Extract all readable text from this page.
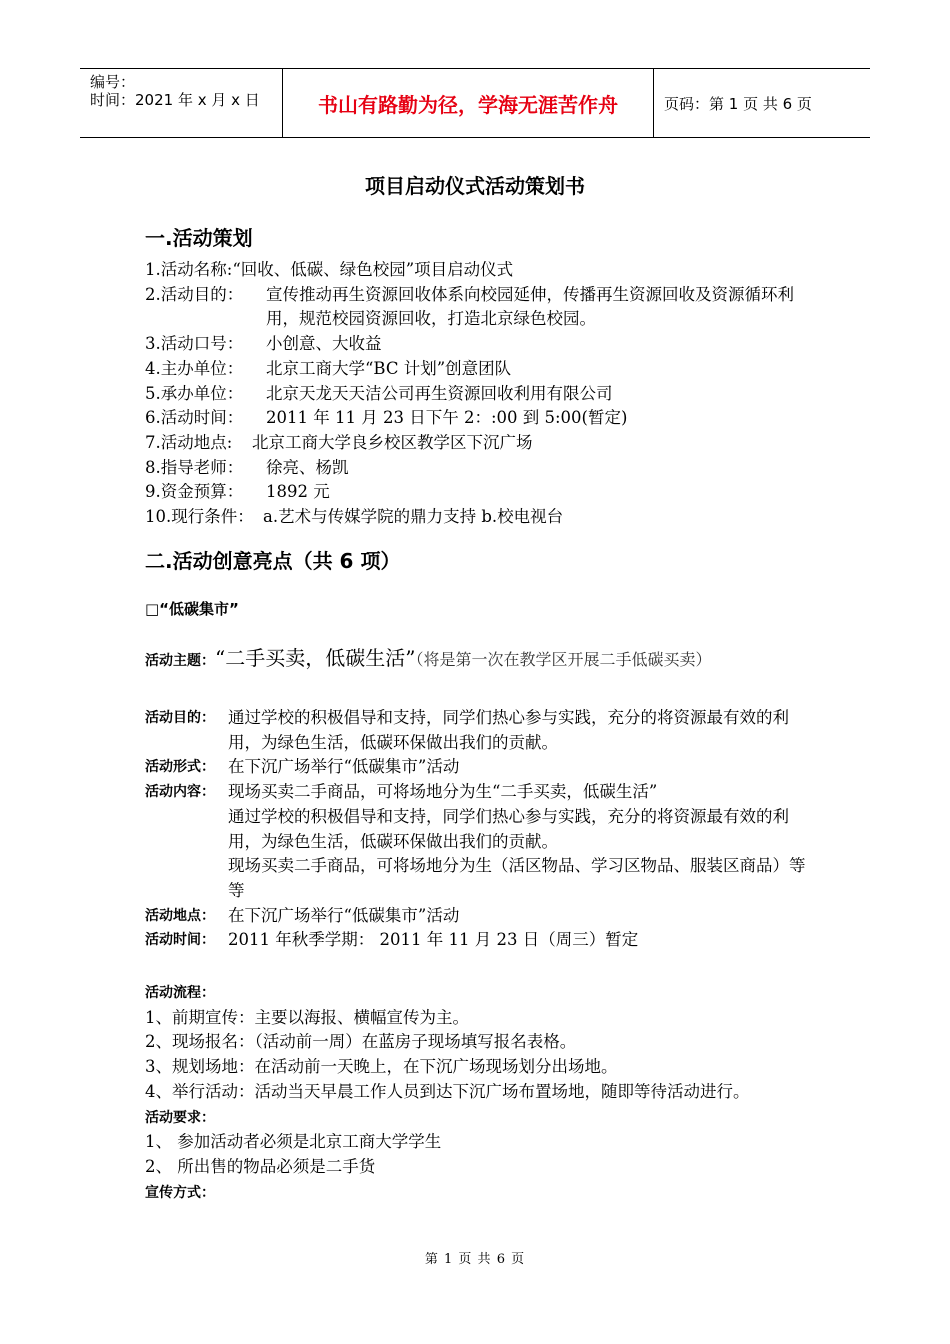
编号：
时间：2021 年 x 月 x 日	书山有路勤为径，学海无涯苦作舟	页码：第 1 页 共 6 页
项目启动仪式活动策划书
一.活动策划
1.活动名称:“回收、低碳、绿色校园”项目启动仪式
2.活动目的： 宣传推动再生资源回收体系向校园延伸，传播再生资源回收及资源循环利用，规范校园资源回收，打造北京绿色校园。
3.活动口号： 小创意、大收益
4.主办单位： 北京工商大学“BC 计划”创意团队
5.承办单位： 北京天龙天天洁公司再生资源回收利用有限公司
6.活动时间： 2011 年 11 月 23 日下午 2：:00 到 5:00(暂定)
7.活动地点: 北京工商大学良乡校区教学区下沉广场
8.指导老师： 徐亮、杨凯
9.资金预算： 1892 元
10.现行条件： a.艺术与传媒学院的鼎力支持 b.校电视台
二.活动创意亮点（共 6 项）
□“低碳集市”
活动主题：“二手买卖，低碳生活”（将是第一次在教学区开展二手低碳买卖）
活动目的： 通过学校的积极倡导和支持，同学们热心参与实践，充分的将资源最有效的利用，为绿色生活，低碳环保做出我们的贡献。
活动形式： 在下沉广场举行“低碳集市”活动
活动内容： 现场买卖二手商品，可将场地分为生“二手买卖，低碳生活”
通过学校的积极倡导和支持，同学们热心参与实践，充分的将资源最有效的利用，为绿色生活，低碳环保做出我们的贡献。
现场买卖二手商品，可将场地分为生（活区物品、学习区物品、服装区商品）等等
活动地点： 在下沉广场举行“低碳集市”活动
活动时间： 2011 年秋季学期： 2011 年 11 月 23 日（周三）暂定
活动流程：
1、前期宣传：主要以海报、横幅宣传为主。
2、现场报名：（活动前一周）在蓝房子现场填写报名表格。
3、规划场地：在活动前一天晚上，在下沉广场现场划分出场地。
4、举行活动：活动当天早晨工作人员到达下沉广场布置场地，随即等待活动进行。
活动要求：
1、 参加活动者必须是北京工商大学学生
2、 所出售的物品必须是二手货
宣传方式：
第 1 页 共 6 页
